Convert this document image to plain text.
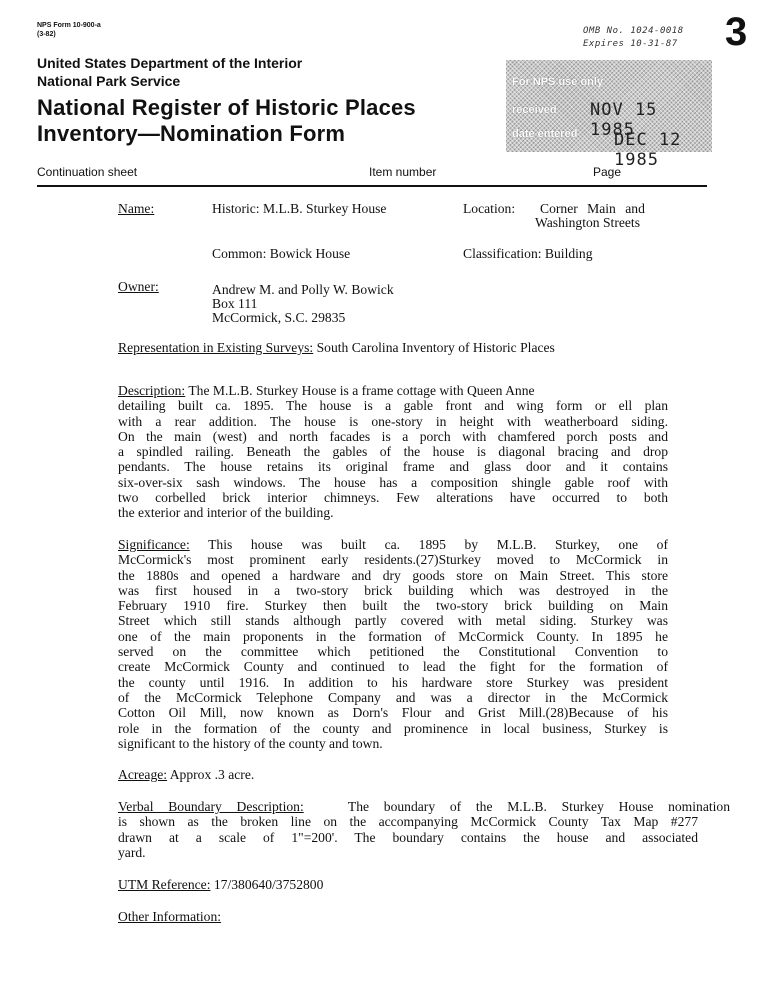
NPS Form 10-900-a
(3-82)	OMB No. 1024-0018
Expires 10-31-87 3
United States Department of the Interior
National Park Service
National Register of Historic Places
Inventory—Nomination Form
For NPS use only
received NOV 15 1985
date entered DEC 12 1985
Continuation sheet	Item number	Page
Name:	Historic: M.L.B. Sturkey House	Location: Corner Main and
Washington Streets
Common: Bowick House	Classification: Building
Owner:	Andrew M. and Polly W. Bowick
Box 111
McCormick, S.C. 29835
Representation in Existing Surveys: South Carolina Inventory of Historic Places
Description: The M.L.B. Sturkey House is a frame cottage with Queen Anne
detailing built ca. 1895. The house is a gable front and wing form or ell plan
with a rear addition. The house is one-story in height with weatherboard siding.
On the main (west) and north facades is a porch with chamfered porch posts and
a spindled railing. Beneath the gables of the house is diagonal bracing and drop
pendants. The house retains its original frame and glass door and it contains
six-over-six sash windows. The house has a composition shingle gable roof with
two corbelled brick interior chimneys. Few alterations have occurred to both
the exterior and interior of the building.
Significance: This house was built ca. 1895 by M.L.B. Sturkey, one of
McCormick's most prominent early residents.(27)Sturkey moved to McCormick in
the 1880s and opened a hardware and dry goods store on Main Street. This store
was first housed in a two-story brick building which was destroyed in the
February 1910 fire. Sturkey then built the two-story brick building on Main
Street which still stands although partly covered with metal siding. Sturkey was
one of the main proponents in the formation of McCormick County. In 1895 he
served on the committee which petitioned the Constitutional Convention to
create McCormick County and continued to lead the fight for the formation of
the county until 1916. In addition to his hardware store Sturkey was president
of the McCormick Telephone Company and was a director in the McCormick
Cotton Oil Mill, now known as Dorn's Flour and Grist Mill.(28)Because of his
role in the formation of the county and prominence in local business, Sturkey is
significant to the history of the county and town.
Acreage: Approx .3 acre.
Verbal Boundary Description:	The boundary of the M.L.B. Sturkey House nomination
is shown as the broken line on the accompanying McCormick County Tax Map #277
drawn at a scale of 1"=200'. The boundary contains the house and associated
yard.
UTM Reference: 17/380640/3752800
Other Information:
